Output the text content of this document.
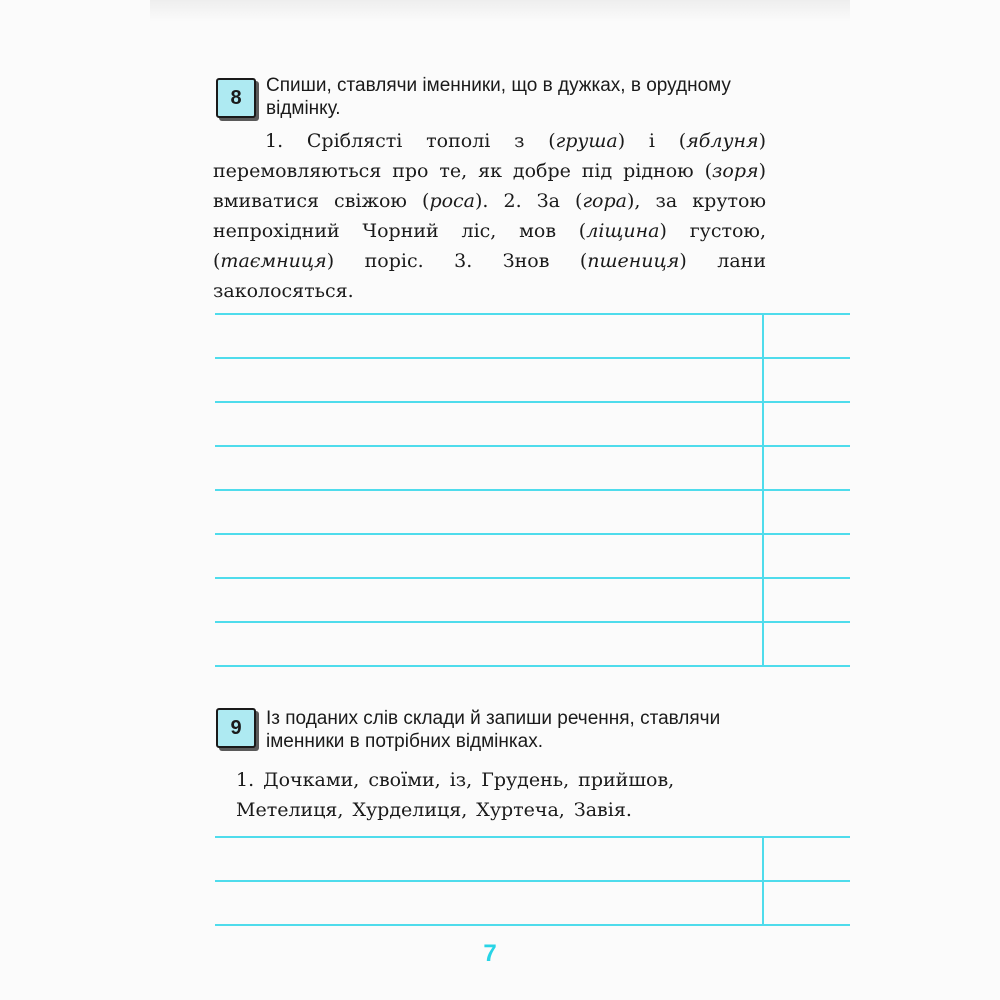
8

Спиши, ставлячи іменники, що в дужках, в орудному відмінку.

1. Сріблясті тополі з (груша) і (яблуня) перемовляються про те, як добре під рідною (зоря) вмиватися свіжою (роса). 2. За (гора), за крутою непрохідний Чорний ліс, мов (ліщина) густою, (таємниця) поріс. 3. Знов (пшениця) лани заколосяться.

9	Із поданих слів склади й запиши речення, ставлячи іменники в потрібних відмінках.

1. Дочками, своїми, із, Грудень, прийшов, Метелиця, Хурделиця, Хуртеча, Завія.

7
